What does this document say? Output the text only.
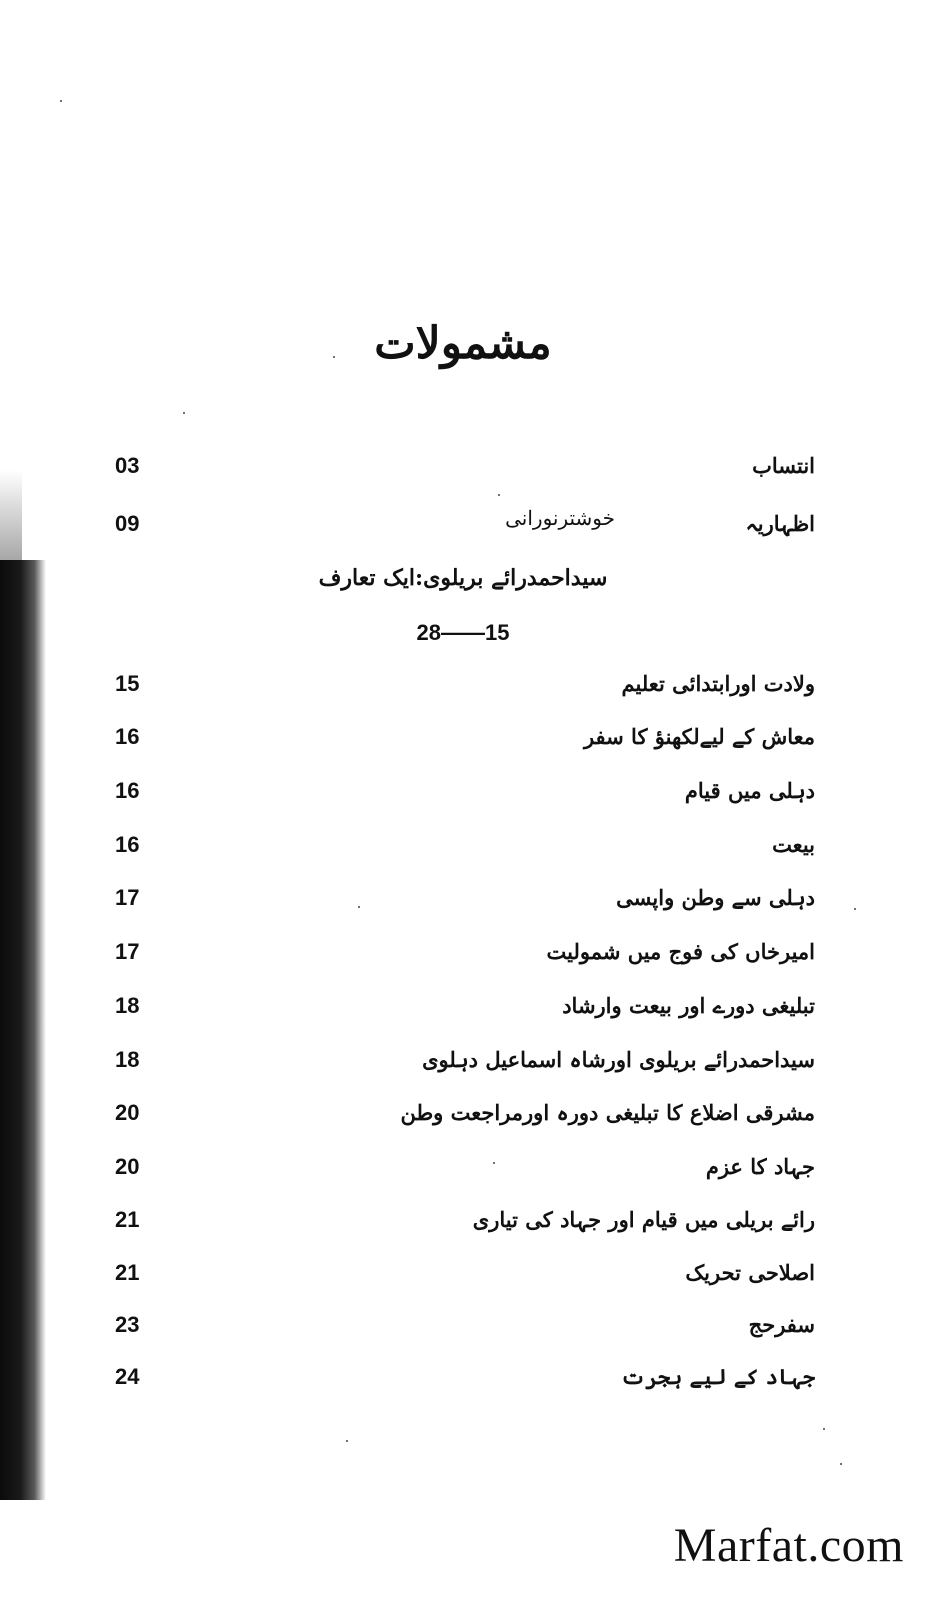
مشمولات
03	انتساب
09	خوشترنورانی	اظہاریہ
سیداحمدرائے بریلوی:ایک تعارف
28——15
15	ولادت اورابتدائی تعلیم
16	معاش کے لیےلکھنؤ کا سفر
16	دہلی میں قیام
16	بیعت
17	دہلی سے وطن واپسی
17	امیرخاں کی فوج میں شمولیت
18	تبلیغی دورے اور بیعت وارشاد
18	سیداحمدرائے بریلوی اورشاہ اسماعیل دہلوی
20	مشرقی اضلاع کا تبلیغی دورہ اورمراجعت وطن
20	جہاد کا عزم
21	رائے بریلی میں قیام اور جہاد کی تیاری
21	اصلاحی تحریک
23	سفرحج
24	جہاد کے لیے ہجرت
Marfat.com
